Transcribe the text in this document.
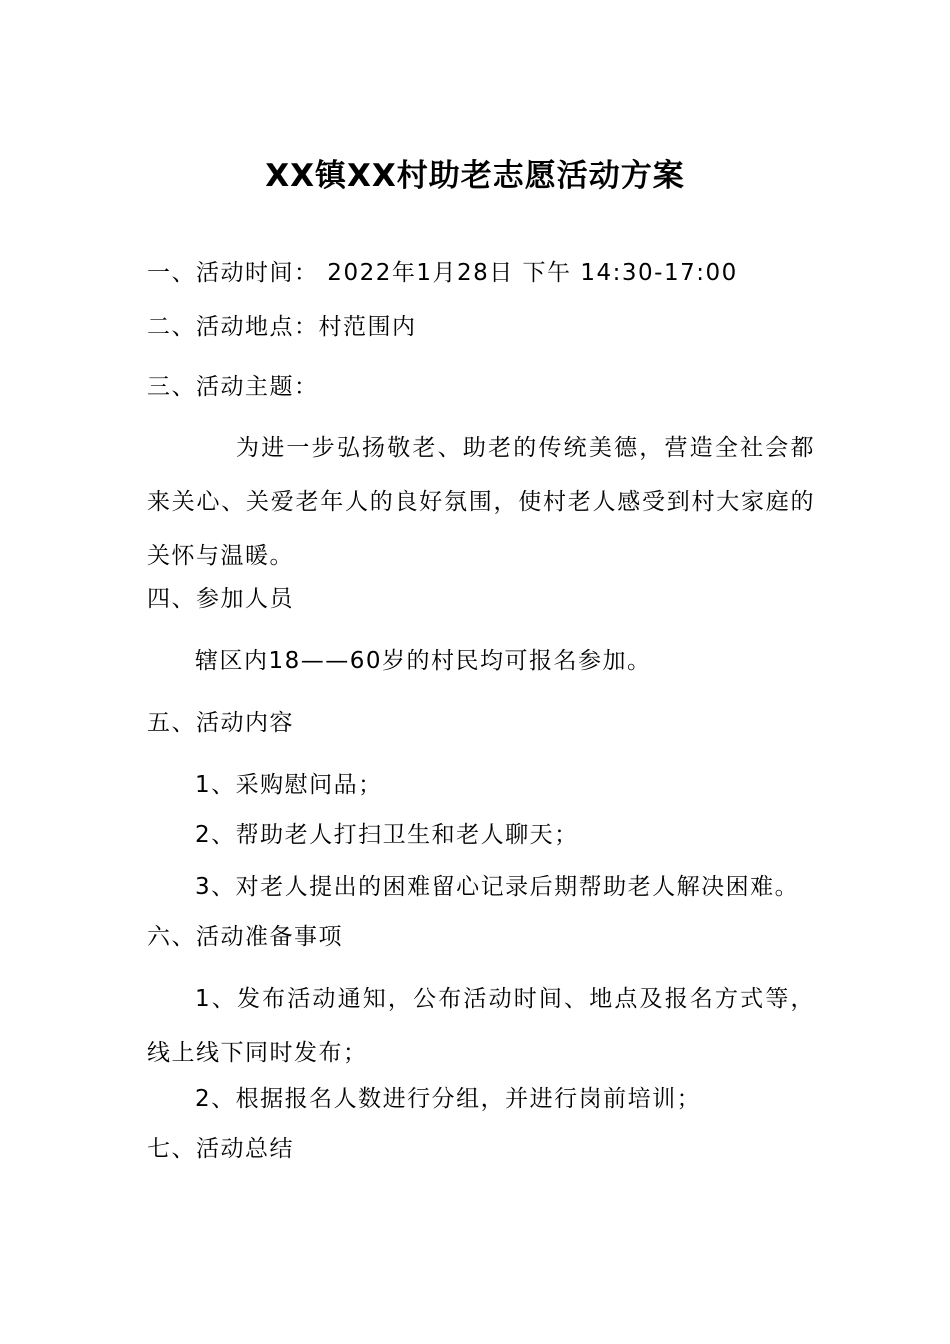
XX镇XX村助老志愿活动方案
一、活动时间： 2022年1月28日 下午 14:30-17:00
二、活动地点：村范围内
三、活动主题：
为进一步弘扬敬老、助老的传统美德，营造全社会都来关心、关爱老年人的良好氛围，使村老人感受到村大家庭的关怀与温暖。
四、参加人员
辖区内18——60岁的村民均可报名参加。
五、活动内容
1、采购慰问品；
2、帮助老人打扫卫生和老人聊天；
3、对老人提出的困难留心记录后期帮助老人解决困难。
六、活动准备事项
1、发布活动通知，公布活动时间、地点及报名方式等，线上线下同时发布；
2、根据报名人数进行分组，并进行岗前培训；
七、活动总结
